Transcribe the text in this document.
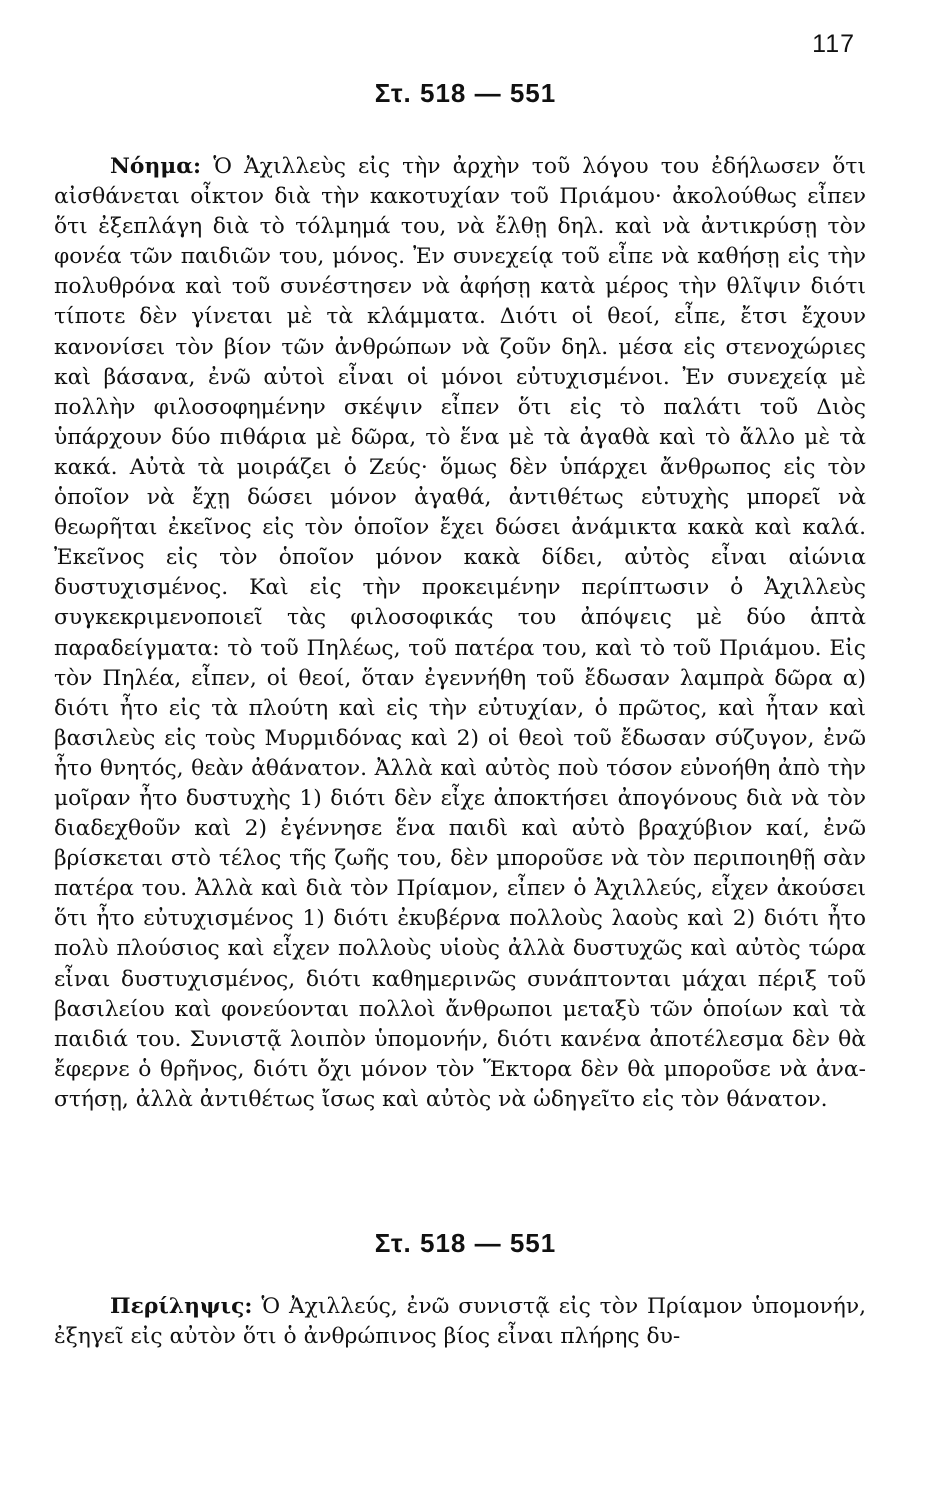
117
Στ. 518 — 551

Νόημα: Ὁ Ἀχιλλεὺς εἰς τὴν ἀρχὴν τοῦ λόγου του ἐδήλωσεν ὅτι αἰσθάνεται οἶκτον διὰ τὴν κακοτυχίαν τοῦ Πριάμου· ἀκολούθως εἶπεν ὅτι ἐξεπλάγη διὰ τὸ τόλμημά του, νὰ ἔλθῃ δηλ. καὶ νὰ ἀντικρύσῃ τὸν φονέα τῶν παιδιῶν του, μόνος. Ἐν συνεχείᾳ τοῦ εἶπε νὰ καθήσῃ εἰς τὴν πολυθρόνα καὶ τοῦ συνέστησεν νὰ ἀφήσῃ κατὰ μέρος τὴν θλῖψιν διότι τίποτε δὲν γίνεται μὲ τὰ κλάμματα. Διότι οἱ θεοί, εἶπε, ἔτσι ἔχουν κανονίσει τὸν βίον τῶν ἀνθρώπων νὰ ζοῦν δηλ. μέσα εἰς στενοχώριες καὶ βάσανα, ἐνῶ αὐτοὶ εἶναι οἱ μόνοι εὐτυχισμένοι. Ἐν συνεχείᾳ μὲ πολλὴν φιλοσοφημένην σκέψιν εἶπεν ὅτι εἰς τὸ παλάτι τοῦ Διὸς ὑπάρχουν δύο πιθάρια μὲ δῶρα, τὸ ἕνα μὲ τὰ ἀγαθὰ καὶ τὸ ἄλλο μὲ τὰ κακά. Αὐτὰ τὰ μοιράζει ὁ Ζεύς· ὅμως δὲν ὑπάρχει ἄνθρωπος εἰς τὸν ὁποῖον νὰ ἔχῃ δώσει μόνον ἀγαθά, ἀντιθέτως εὐτυχὴς μπορεῖ νὰ θεωρῆται ἐκεῖνος εἰς τὸν ὁποῖον ἔχει δώσει ἀνάμικτα κακὰ καὶ καλά. Ἐκεῖνος εἰς τὸν ὁποῖον μόνον κακὰ δίδει, αὐτὸς εἶναι αἰώνια δυστυχισμένος. Καὶ εἰς τὴν προκειμένην περίπτωσιν ὁ Ἀχιλλεὺς συγκεκριμενοποιεῖ τὰς φιλοσοφικάς του ἀπόψεις μὲ δύο ἁπτὰ παραδείγματα: τὸ τοῦ Πηλέως, τοῦ πατέρα του, καὶ τὸ τοῦ Πριάμου. Εἰς τὸν Πηλέα, εἶπεν, οἱ θεοί, ὅταν ἐγεννήθη τοῦ ἔδωσαν λαμπρὰ δῶρα α) διότι ἦτο εἰς τὰ πλούτη καὶ εἰς τὴν εὐτυχίαν, ὁ πρῶτος, καὶ ἦταν καὶ βασιλεὺς εἰς τοὺς Μυρμιδόνας καὶ 2) οἱ θεοὶ τοῦ ἔδωσαν σύζυγον, ἐνῶ ἦτο θνητός, θεὰν ἀθάνατον. Ἀλλὰ καὶ αὐτὸς ποὺ τόσον εὐνοήθη ἀπὸ τὴν μοῖραν ἦτο δυστυχὴς 1) διότι δὲν εἶχε ἀποκτήσει ἀπογόνους διὰ νὰ τὸν διαδεχθοῦν καὶ 2) ἐγέννησε ἕνα παιδὶ καὶ αὐτὸ βραχύβιον καί, ἐνῶ βρίσκεται στὸ τέλος τῆς ζωῆς του, δὲν μποροῦσε νὰ τὸν περιποιηθῇ σὰν πατέρα του. Ἀλλὰ καὶ διὰ τὸν Πρίαμον, εἶπεν ὁ Ἀχιλλεύς, εἶχεν ἀκούσει ὅτι ἦτο εὐτυχισμένος 1) διότι ἐκυβέρνα πολλοὺς λαοὺς καὶ 2) διότι ἦτο πολὺ πλούσιος καὶ εἶχεν πολλοὺς υἱοὺς ἀλλὰ δυστυχῶς καὶ αὐτὸς τώρα εἶναι δυστυχισμένος, διότι καθημερινῶς συνάπτονται μάχαι πέριξ τοῦ βασιλείου καὶ φονεύονται πολλοὶ ἄνθρωποι μεταξὺ τῶν ὁποίων καὶ τὰ παιδιά του. Συνιστᾷ λοιπὸν ὑπομονήν, διότι κανένα ἀποτέλεσμα δὲν θὰ ἔφερνε ὁ θρῆνος, διότι ὄχι μόνον τὸν Ἕκτορα δὲν θὰ μποροῦσε νὰ ἀναστήσῃ, ἀλλὰ ἀντιθέτως ἴσως καὶ αὐτὸς νὰ ὡδηγεῖτο εἰς τὸν θάνατον.

Στ. 518 — 551

Περίληψις: Ὁ Ἀχιλλεύς, ἐνῶ συνιστᾷ εἰς τὸν Πρίαμον ὑπομονήν, ἐξηγεῖ εἰς αὐτὸν ὅτι ὁ ἀνθρώπινος βίος εἶναι πλήρης δυ-
